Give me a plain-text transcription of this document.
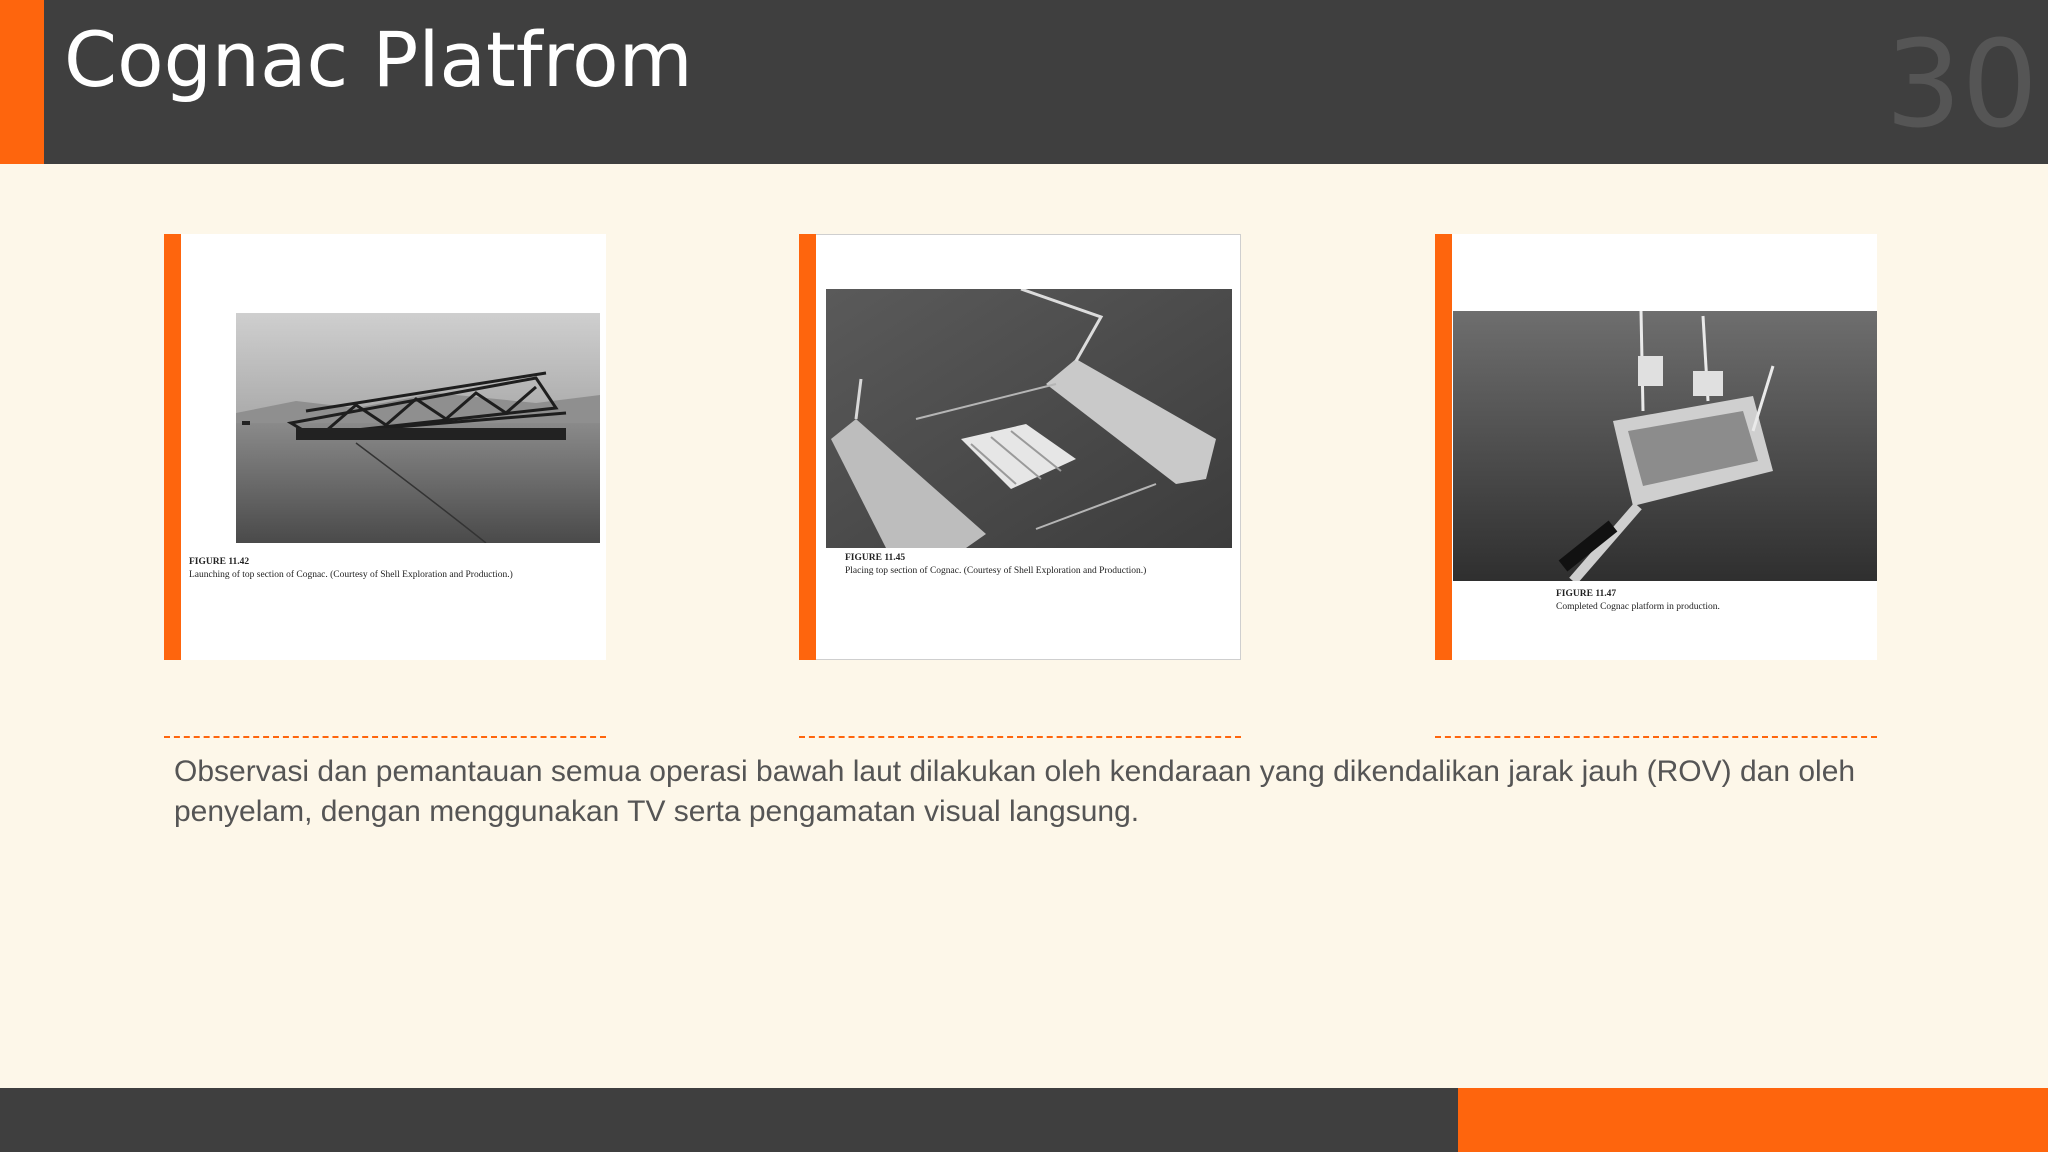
Cognac Platfrom	30
FIGURE 11.42
Launching of top section of Cognac. (Courtesy of Shell Exploration and Production.)
FIGURE 11.45
Placing top section of Cognac. (Courtesy of Shell Exploration and Production.)
FIGURE 11.47
Completed Cognac platform in production.
Observasi dan pemantauan semua operasi bawah laut dilakukan oleh kendaraan yang dikendalikan jarak jauh (ROV) dan oleh penyelam, dengan menggunakan TV serta pengamatan visual langsung.
